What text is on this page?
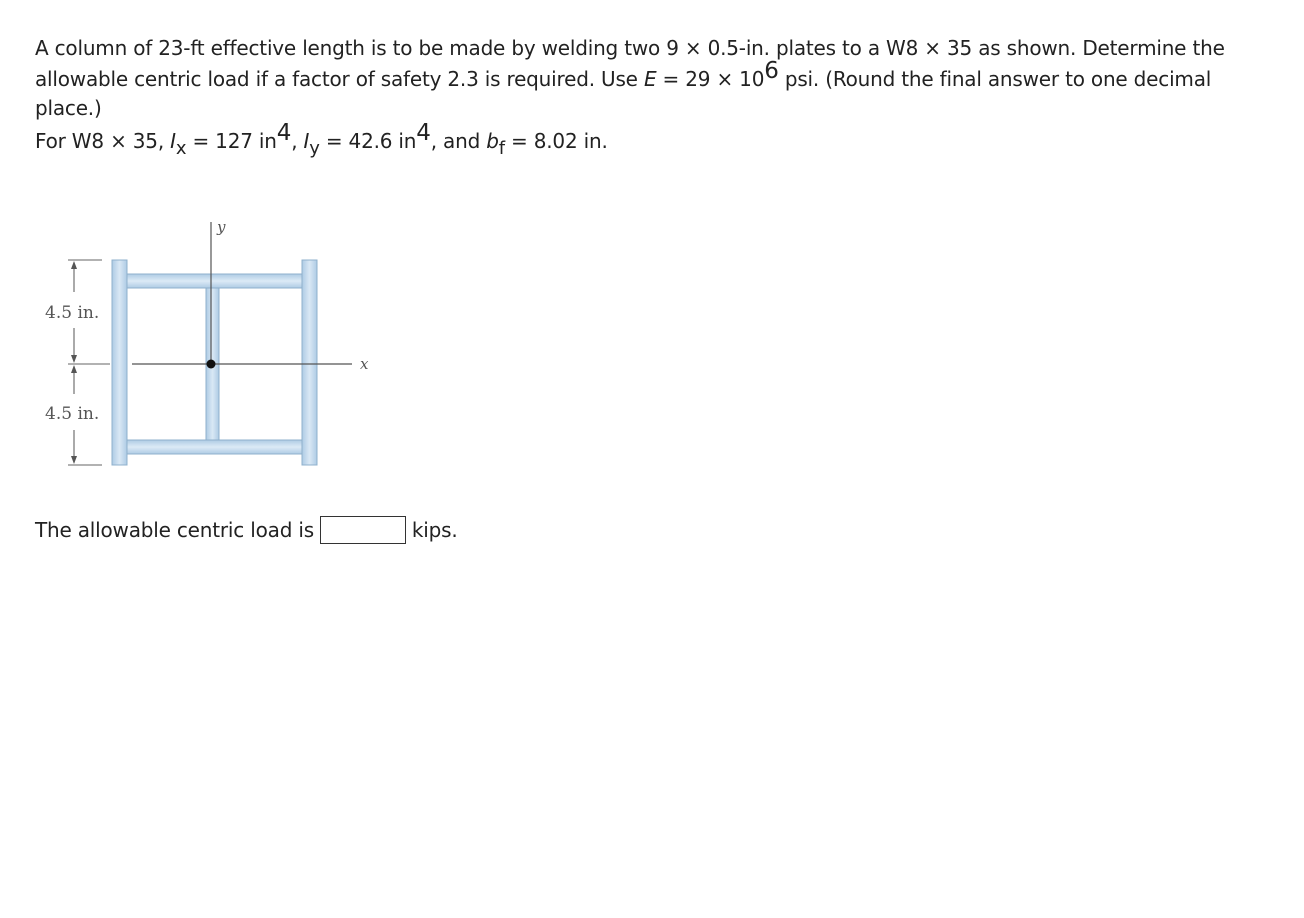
A column of 23-ft effective length is to be made by welding two 9 × 0.5-in. plates to a W8 × 35 as shown. Determine the
allowable centric load if a factor of safety 2.3 is required. Use $E = 29 \times 10^6$ psi. (Round the final answer to one decimal
place.)

For W8 × 35, $I_x = 127$ $in^4$, $I_y = 42.6$ $in^4$, and $b_f = 8.02$ in.

y
x
4.5 in.
4.5 in.
The allowable centric load is	kips.
